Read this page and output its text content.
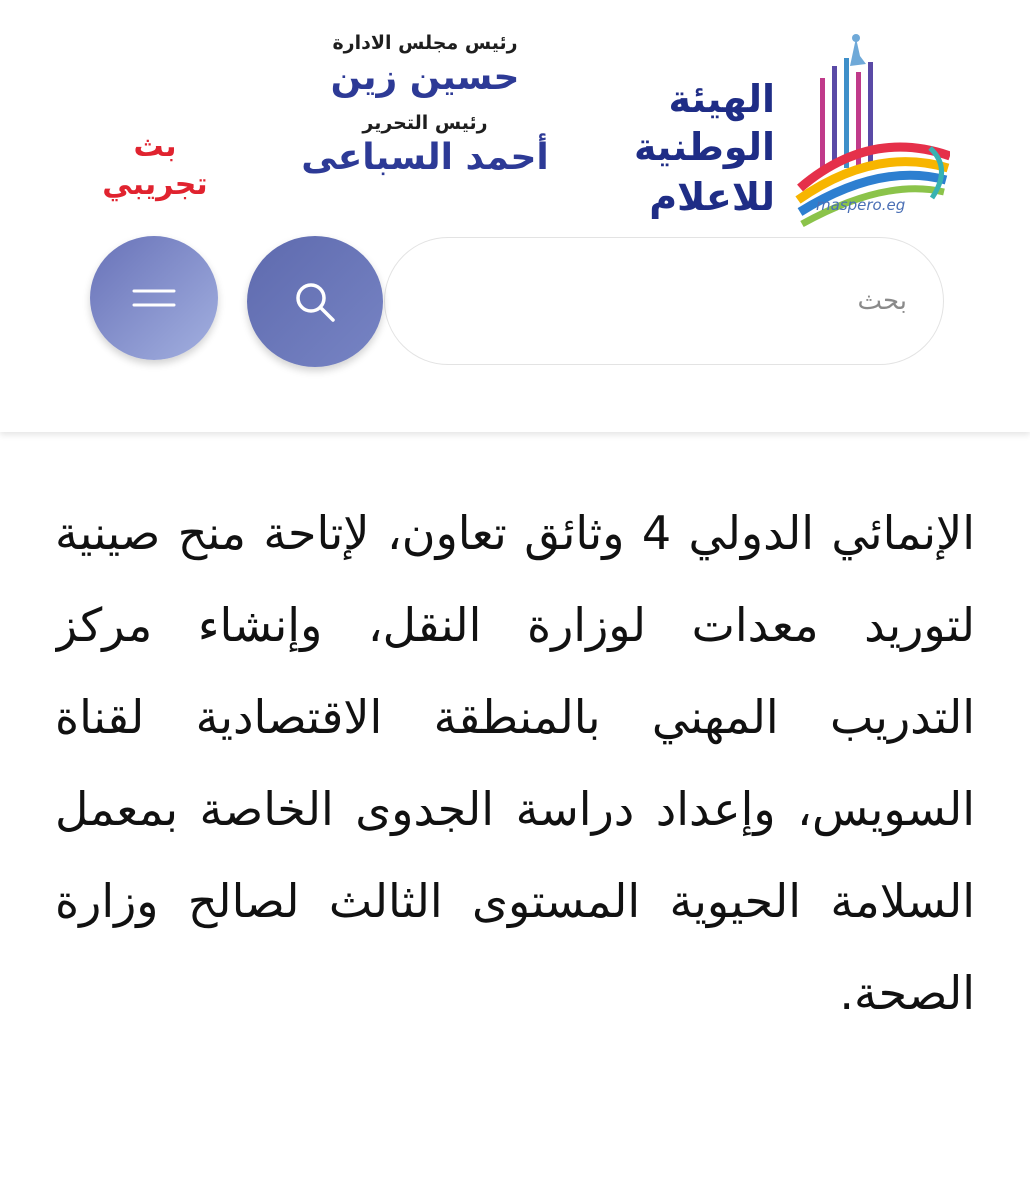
الإنمائي الدولي 4 وثائق تعاون، لإتاحة منح صينية لتوريد معدات لوزارة النقل، وإنشاء مركز التدريب المهني بالمنطقة الاقتصادية لقناة السويس، وإعداد دراسة الجدوى الخاصة بمعمل السلامة الحيوية المستوى الثالث لصالح وزارة الصحة.

الهيئة
الوطنية
للاعلام	maspero.eg
رئيس مجلس الادارة
حسين زين
رئيس التحرير
أحمد السباعى
بث
تجريبي
بحث
